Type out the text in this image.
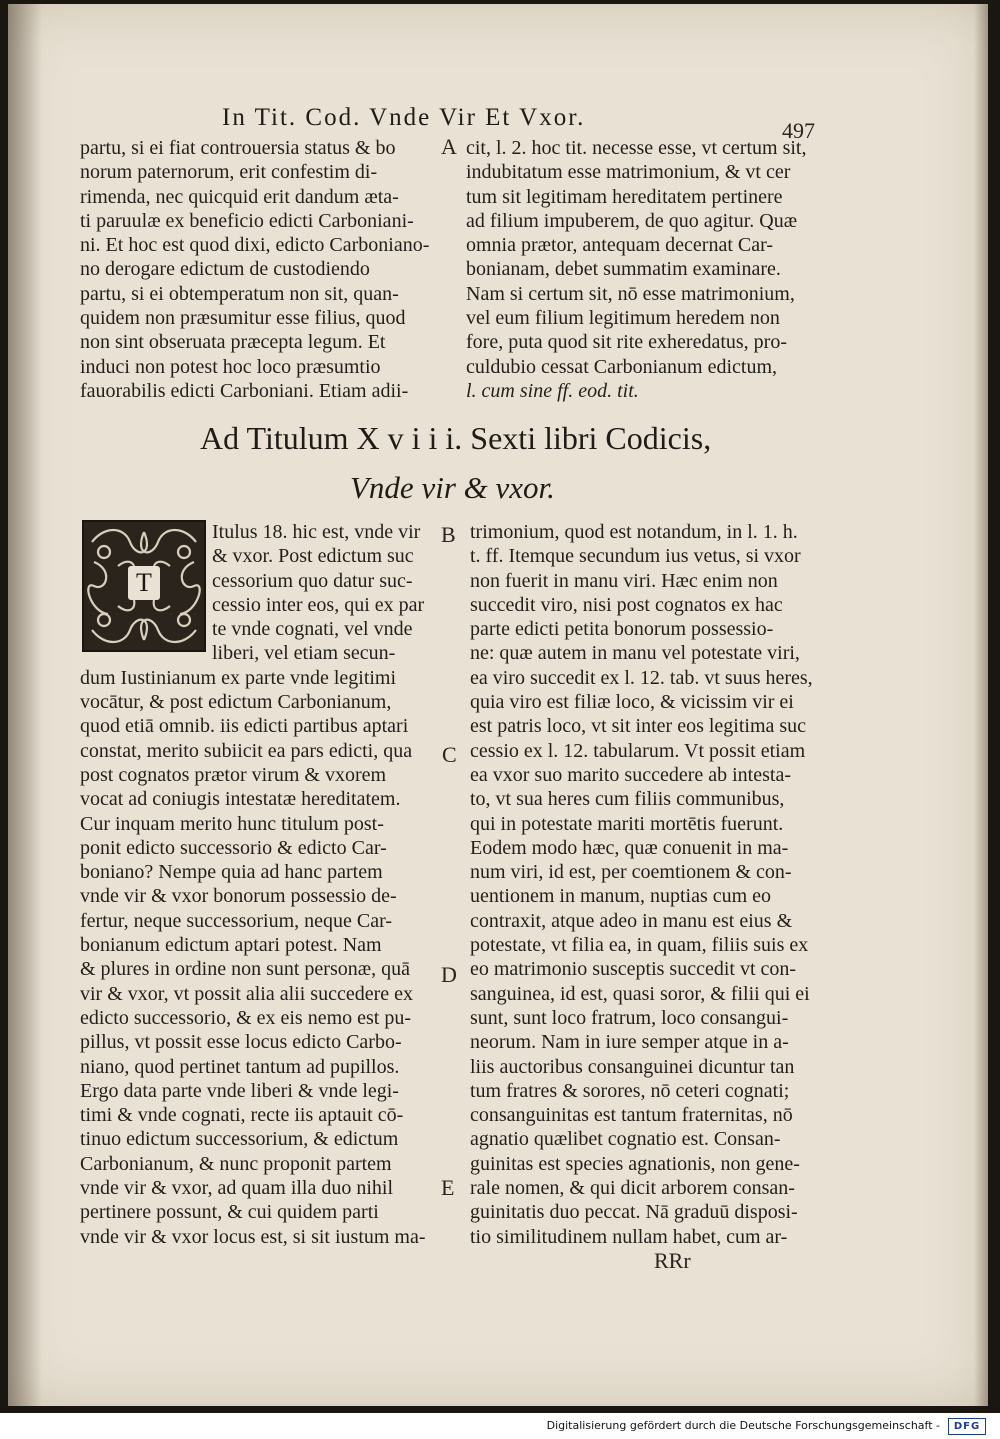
In Tit. Cod. Vnde Vir Et Vxor.	497
partu, si ei fiat controuersia status & bo
norum paternorum, erit confestim di-
rimenda, nec quicquid erit dandum æta-
ti paruulæ ex beneficio edicti Carboniani-
ni. Et hoc est quod dixi, edicto Carboniano-
no derogare edictum de custodiendo
partu, si ei obtemperatum non sit, quan-
quidem non præsumitur esse filius, quod
non sint obseruata præcepta legum. Et
induci non potest hoc loco præsumtio
fauorabilis edicti Carboniani. Etiam adii-
cit, l. 2. hoc tit. necesse esse, vt certum sit,
indubitatum esse matrimonium, & vt cer
tum sit legitimam hereditatem pertinere
ad filium impuberem, de quo agitur. Quæ
omnia prætor, antequam decernat Car-
bonianam, debet summatim examinare.
Nam si certum sit, nō esse matrimonium,
vel eum filium legitimum heredem non
fore, puta quod sit rite exheredatus, pro-
culdubio cessat Carbonianum edictum,
l. cum sine ff. eod. tit.
A
B
C
D
E
Ad Titulum X v i i i. Sexti libri Codicis,
Vnde vir & vxor.
T
Itulus 18. hic est, vnde vir
& vxor. Post edictum suc
cessorium quo datur suc-
cessio inter eos, qui ex par
te vnde cognati, vel vnde
liberi, vel etiam secun-
dum Iustinianum ex parte vnde legitimi
vocātur, & post edictum Carbonianum,
quod etiā omnib. iis edicti partibus aptari
constat, merito subiicit ea pars edicti, qua
post cognatos prætor virum & vxorem
vocat ad coniugis intestatæ hereditatem.
Cur inquam merito hunc titulum post-
ponit edicto successorio & edicto Car-
boniano? Nempe quia ad hanc partem
vnde vir & vxor bonorum possessio de-
fertur, neque successorium, neque Car-
bonianum edictum aptari potest. Nam
& plures in ordine non sunt personæ, quā
vir & vxor, vt possit alia alii succedere ex
edicto successorio, & ex eis nemo est pu-
pillus, vt possit esse locus edicto Carbo-
niano, quod pertinet tantum ad pupillos.
Ergo data parte vnde liberi & vnde legi-
timi & vnde cognati, recte iis aptauit cō-
tinuo edictum successorium, & edictum
Carbonianum, & nunc proponit partem
vnde vir & vxor, ad quam illa duo nihil
pertinere possunt, & cui quidem parti
vnde vir & vxor locus est, si sit iustum ma-
trimonium, quod est notandum, in l. 1. h.
t. ff. Itemque secundum ius vetus, si vxor
non fuerit in manu viri. Hæc enim non
succedit viro, nisi post cognatos ex hac
parte edicti petita bonorum possessio-
ne: quæ autem in manu vel potestate viri,
ea viro succedit ex l. 12. tab. vt suus heres,
quia viro est filiæ loco, & vicissim vir ei
est patris loco, vt sit inter eos legitima suc
cessio ex l. 12. tabularum. Vt possit etiam
ea vxor suo marito succedere ab intesta-
to, vt sua heres cum filiis communibus,
qui in potestate mariti mortētis fuerunt.
Eodem modo hæc, quæ conuenit in ma-
num viri, id est, per coemtionem & con-
uentionem in manum, nuptias cum eo
contraxit, atque adeo in manu est eius &
potestate, vt filia ea, in quam, filiis suis ex
eo matrimonio susceptis succedit vt con-
sanguinea, id est, quasi soror, & filii qui ei
sunt, sunt loco fratrum, loco consangui-
neorum. Nam in iure semper atque in a-
liis auctoribus consanguinei dicuntur tan
tum fratres & sorores, nō ceteri cognati;
consanguinitas est tantum fraternitas, nō
agnatio quælibet cognatio est. Consan-
guinitas est species agnationis, non gene-
rale nomen, & qui dicit arborem consan-
guinitatis duo peccat. Nā graduū disposi-
tio similitudinem nullam habet, cum ar-
RRr
Digitalisierung gefördert durch die Deutsche Forschungsgemeinschaft -	DFG
